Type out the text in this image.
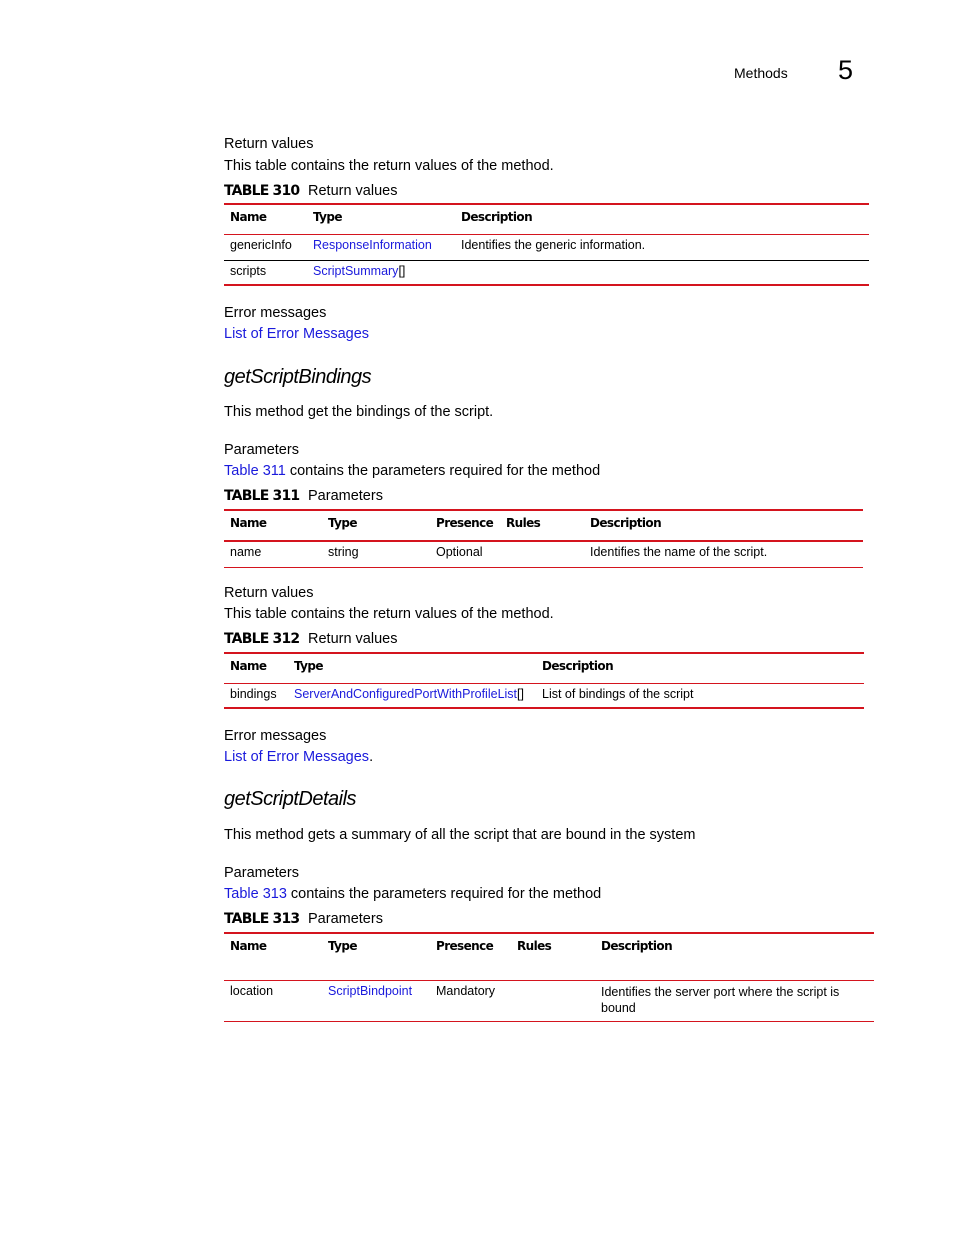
Methods 5
Return values
This table contains the return values of the method.
TABLE 310 Return values
Name	Type	Description
genericInfo	ResponseInformation	Identifies the generic information.
scripts	ScriptSummary[]	
Error messages
List of Error Messages
getScriptBindings
This method get the bindings of the script.
Parameters
Table 311 contains the parameters required for the method
TABLE 311 Parameters
Name	Type	Presence	Rules	Description
name	string	Optional		Identifies the name of the script.
Return values
This table contains the return values of the method.
TABLE 312 Return values
Name	Type	Description
bindings	ServerAndConfiguredPortWithProfileList[]	List of bindings of the script
Error messages
List of Error Messages.
getScriptDetails
This method gets a summary of all the script that are bound in the system
Parameters
Table 313 contains the parameters required for the method
TABLE 313 Parameters
Name	Type	Presence	Rules	Description
location	ScriptBindpoint	Mandatory		Identifies the server port where the script is bound
